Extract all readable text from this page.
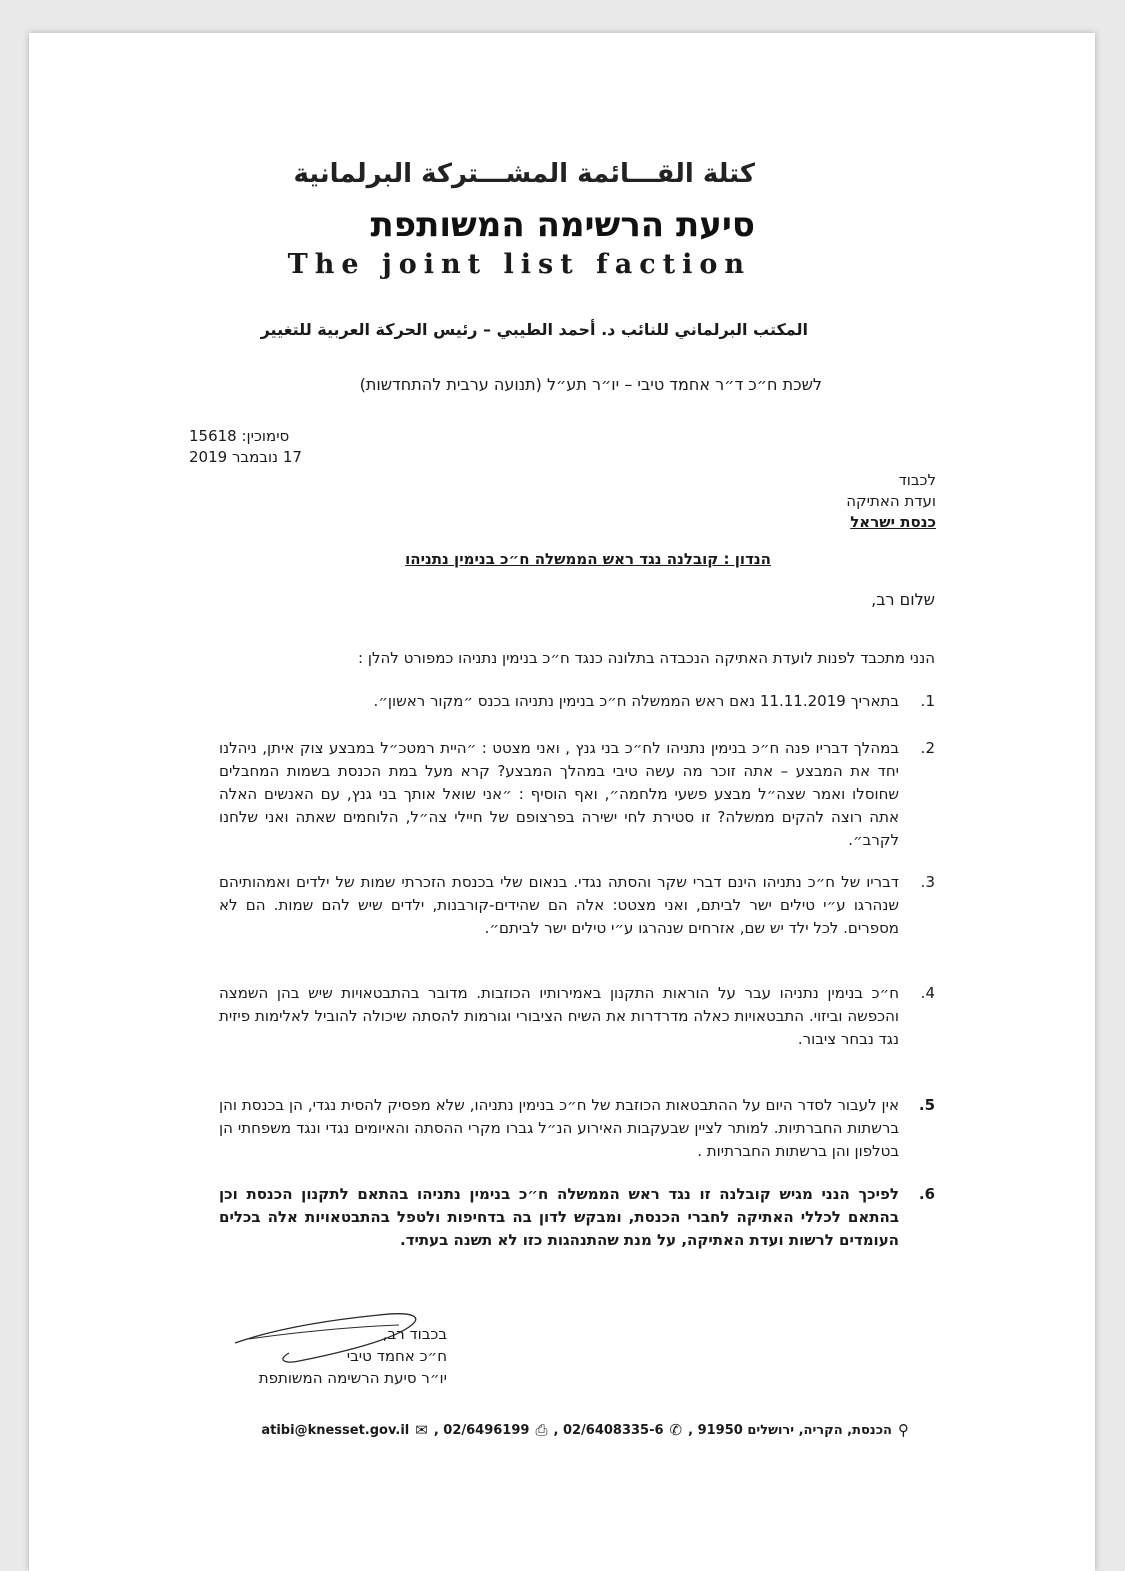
كتلة القـــائمة المشـــتركة البرلمانية
סיעת הרשימה המשותפת
The joint list faction
المكتب البرلماني للنائب د. أحمد الطيبي – رئيس الحركة العربية للتغيير
לשכת ח״כ ד״ר אחמד טיבי – יו״ר תע״ל (תנועה ערבית להתחדשות)
סימוכין: 15618
17 נובמבר 2019
לכבוד
ועדת האתיקה
כנסת ישראל
הנדון : קובלנה נגד ראש הממשלה ח״כ בנימין נתניהו
שלום רב,
הנני מתכבד לפנות לועדת האתיקה הנכבדה בתלונה כנגד ח״כ בנימין נתניהו כמפורט להלן :
1.
בתאריך 11.11.2019 נאם ראש הממשלה ח״כ בנימין נתניהו בכנס ״מקור ראשון״.
2.
במהלך דבריו פנה ח״כ בנימין נתניהו לח״כ בני גנץ , ואני מצטט : ״היית רמטכ״ל במבצע צוק איתן, ניהלנו יחד את המבצע – אתה זוכר מה עשה טיבי במהלך המבצע? קרא מעל במת הכנסת בשמות המחבלים שחוסלו ואמר שצה״ל מבצע פשעי מלחמה״, ואף הוסיף : ״אני שואל אותך בני גנץ, עם האנשים האלה אתה רוצה להקים ממשלה? זו סטירת לחי ישירה בפרצופם של חיילי צה״ל, הלוחמים שאתה ואני שלחנו לקרב״.
3.
דבריו של ח״כ נתניהו הינם דברי שקר והסתה נגדי. בנאום שלי בכנסת הזכרתי שמות של ילדים ואמהותיהם שנהרגו ע״י טילים ישר לביתם, ואני מצטט: אלה הם שהידים-קורבנות, ילדים שיש להם שמות. הם לא מספרים. לכל ילד יש שם, אזרחים שנהרגו ע״י טילים ישר לביתם״.
4.
ח״כ בנימין נתניהו עבר על הוראות התקנון באמירותיו הכוזבות. מדובר בהתבטאויות שיש בהן השמצה והכפשה וביזוי. התבטאויות כאלה מדרדרות את השיח הציבורי וגורמות להסתה שיכולה להוביל לאלימות פיזית נגד נבחר ציבור.
5.
אין לעבור לסדר היום על ההתבטאות הכוזבת של ח״כ בנימין נתניהו, שלא מפסיק להסית נגדי, הן בכנסת והן ברשתות החברתיות. למותר לציין שבעקבות האירוע הנ״ל גברו מקרי ההסתה והאיומים נגדי ונגד משפחתי הן בטלפון והן ברשתות החברתיות .
6.
לפיכך הנני מגיש קובלנה זו נגד ראש הממשלה ח״כ בנימין נתניהו בהתאם לתקנון הכנסת וכן בהתאם לכללי האתיקה לחברי הכנסת, ומבקש לדון בה בדחיפות ולטפל בהתבטאויות אלה בכלים העומדים לרשות ועדת האתיקה, על מנת שהתנהגות כזו לא תשנה בעתיד.
בכבוד רב,
ח״כ אחמד טיבי
יו״ר סיעת הרשימה המשותפת
⚲
הכנסת, הקריה, ירושלים 91950 ,
✆
02/6408335-6 ,
⎙
02/6496199 ,
✉
atibi@knesset.gov.il
